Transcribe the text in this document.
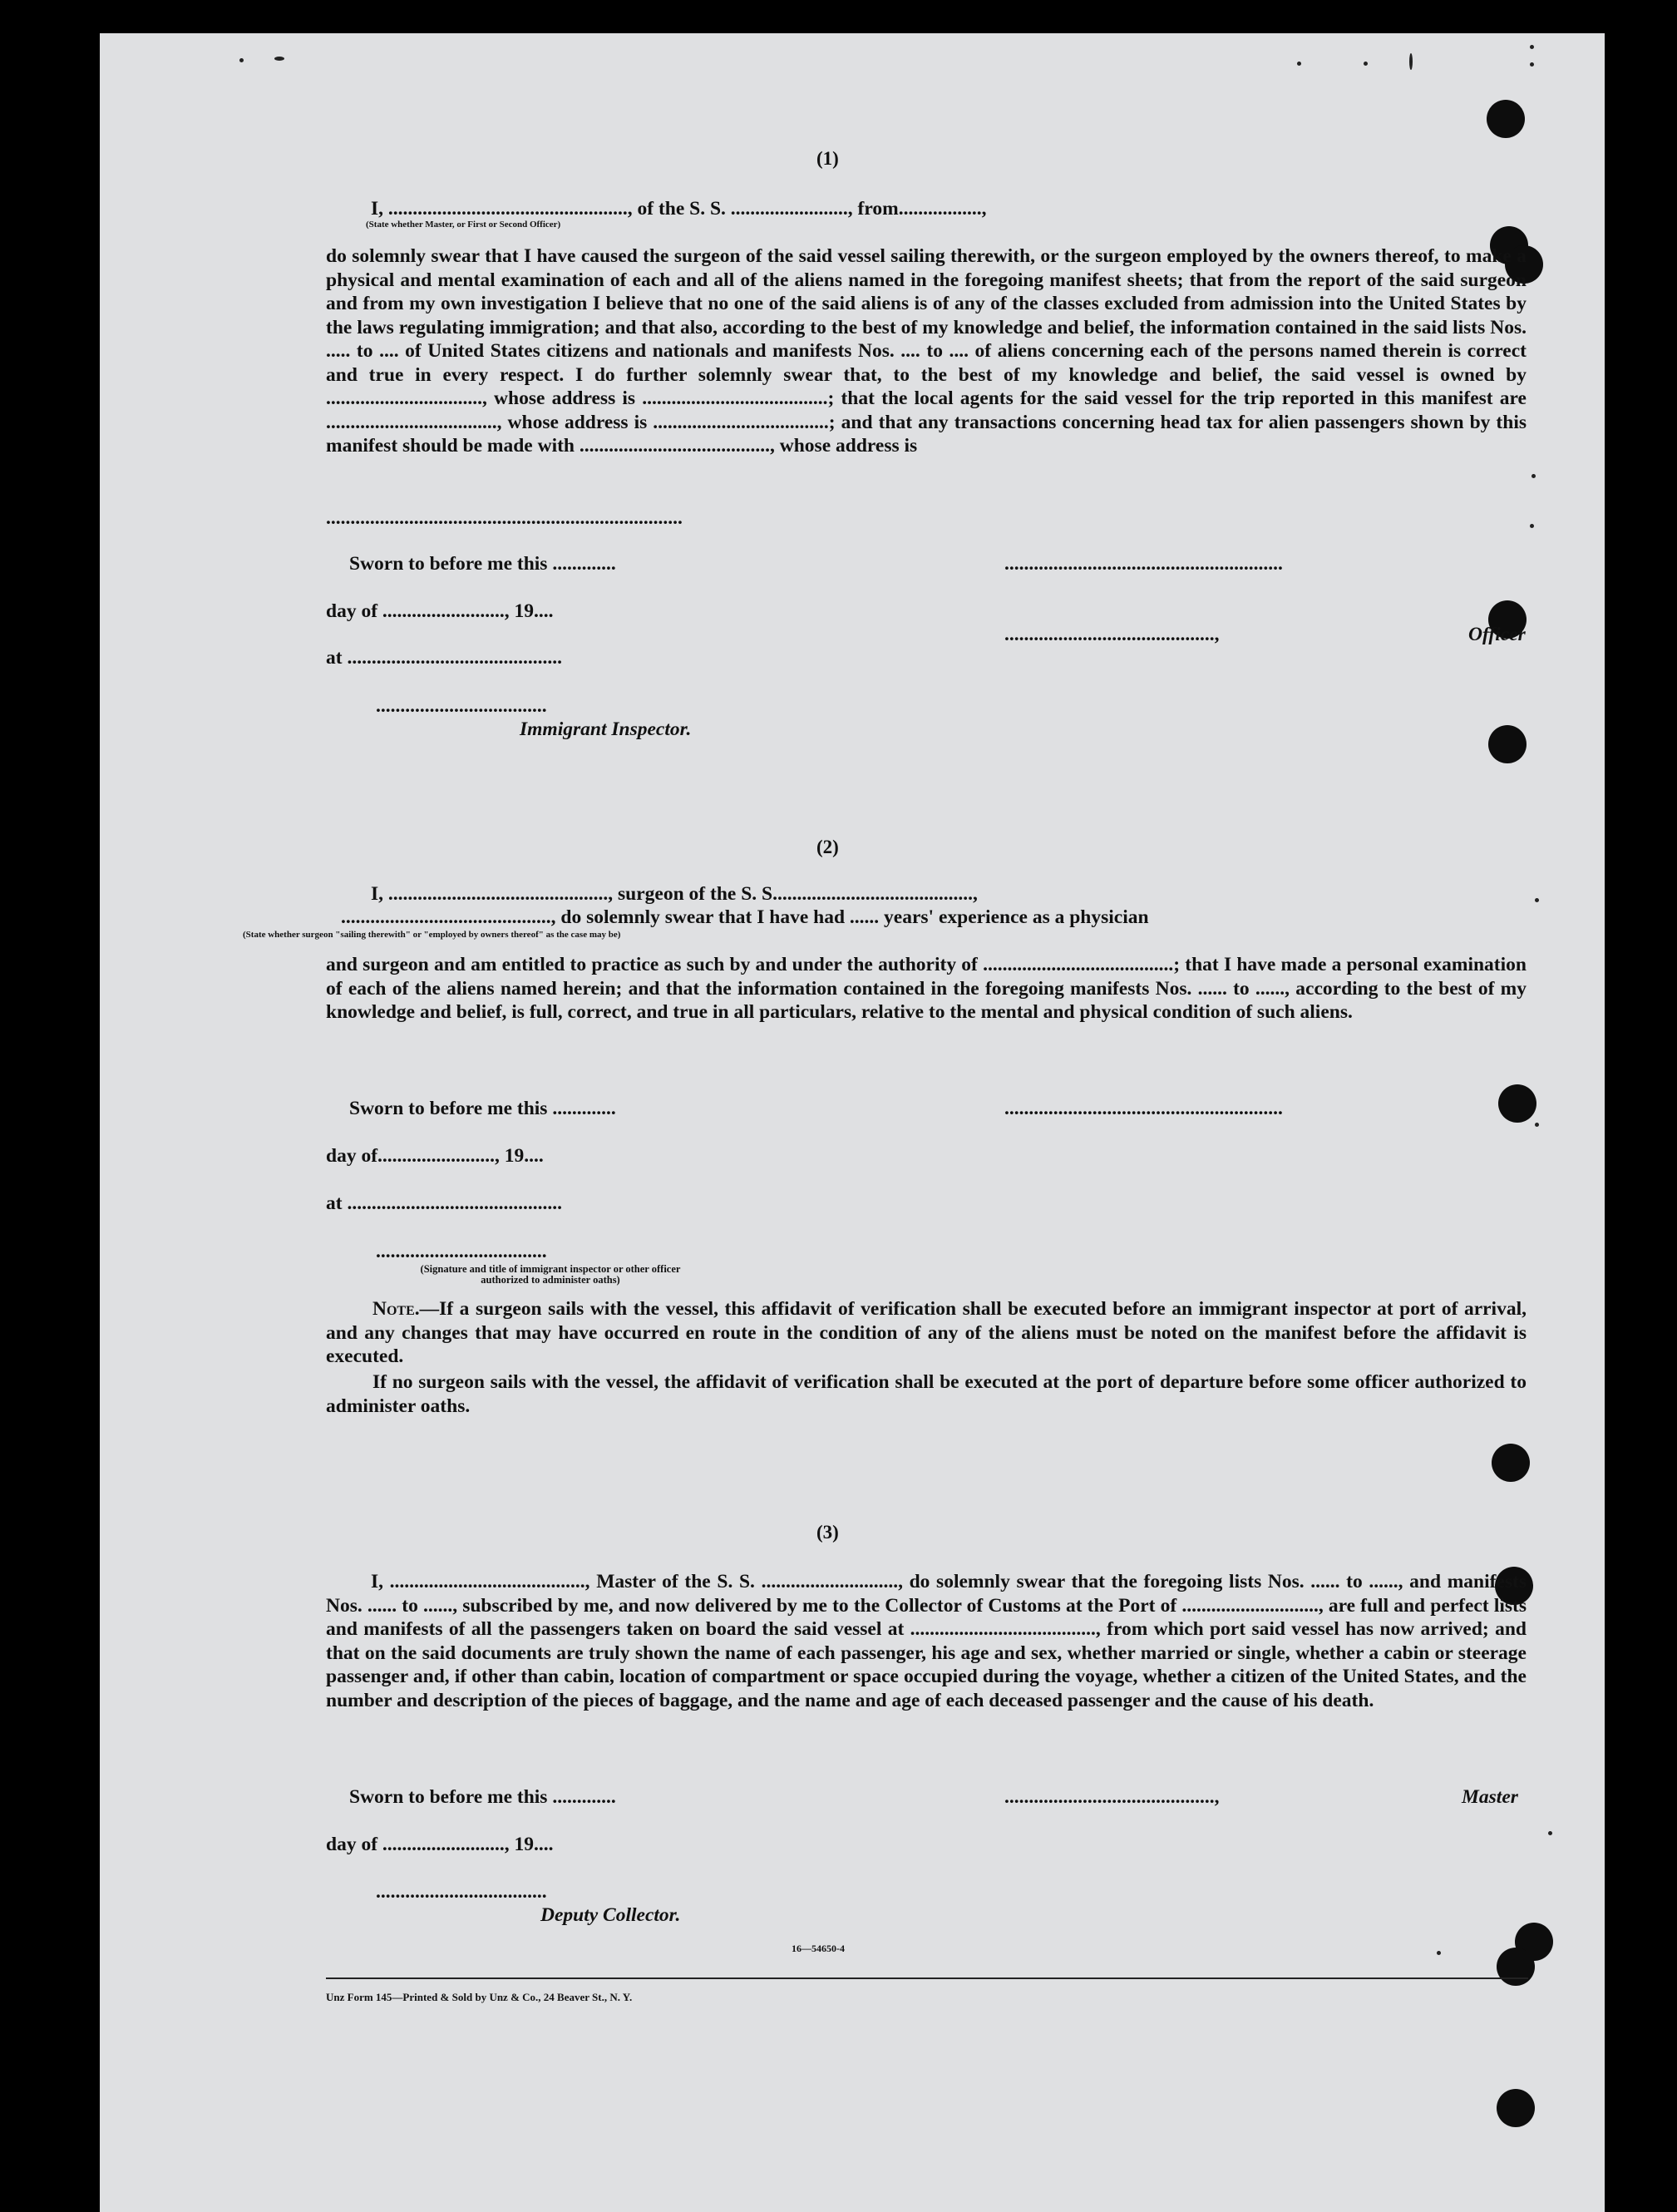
(1)
I, ................................................., of the S. S. ........................, from.................,
(State whether Master, or First or Second Officer)
do solemnly swear that I have caused the surgeon of the said vessel sailing therewith, or the surgeon employed by the owners thereof, to make a physical and mental examination of each and all of the aliens named in the foregoing manifest sheets; that from the report of the said surgeon and from my own investigation I believe that no one of the said aliens is of any of the classes excluded from admission into the United States by the laws regulating immigration; and that also, according to the best of my knowledge and belief, the information contained in the said lists Nos. ..... to .... of United States citizens and nationals and manifests Nos. .... to .... of aliens concerning each of the persons named therein is correct and true in every respect. I do further solemnly swear that, to the best of my knowledge and belief, the said vessel is owned by ................................, whose address is ......................................; that the local agents for the said vessel for the trip reported in this manifest are ..................................., whose address is ....................................; and that any transactions concerning head tax for alien passengers shown by this manifest should be made with ......................................., whose address is
.........................................................................
Sworn to before me this .............	.........................................................
day of ........................., 19....
...........................................,	Officer
at ............................................
...................................
Immigrant Inspector.
(2)
I, ............................................., surgeon of the S. S.........................................,
..........................................., do solemnly swear that I have had ...... years' experience as a physician
(State whether surgeon "sailing therewith" or "employed by owners thereof" as the case may be)
and surgeon and am entitled to practice as such by and under the authority of .......................................; that I have made a personal examination of each of the aliens named herein; and that the information contained in the foregoing manifests Nos. ...... to ......, according to the best of my knowledge and belief, is full, correct, and true in all particulars, relative to the mental and physical condition of such aliens.
Sworn to before me this .............	.........................................................
day of........................, 19....
at ............................................
...................................
(Signature and title of immigrant inspector or other officer authorized to administer oaths)
Note.—If a surgeon sails with the vessel, this affidavit of verification shall be executed before an immigrant inspector at port of arrival, and any changes that may have occurred en route in the condition of any of the aliens must be noted on the manifest before the affidavit is executed.
If no surgeon sails with the vessel, the affidavit of verification shall be executed at the port of departure before some officer authorized to administer oaths.
(3)
I, ........................................, Master of the S. S. ............................, do solemnly swear that the foregoing lists Nos. ...... to ......, and manifests Nos. ...... to ......, subscribed by me, and now delivered by me to the Collector of Customs at the Port of ............................, are full and perfect lists and manifests of all the passengers taken on board the said vessel at ......................................, from which port said vessel has now arrived; and that on the said documents are truly shown the name of each passenger, his age and sex, whether married or single, whether a cabin or steerage passenger and, if other than cabin, location of compartment or space occupied during the voyage, whether a citizen of the United States, and the number and description of the pieces of baggage, and the name and age of each deceased passenger and the cause of his death.
Sworn to before me this .............	...........................................,	Master
day of ........................., 19....
...................................
Deputy Collector.
16—54650-4
Unz Form 145—Printed & Sold by Unz & Co., 24 Beaver St., N. Y.
